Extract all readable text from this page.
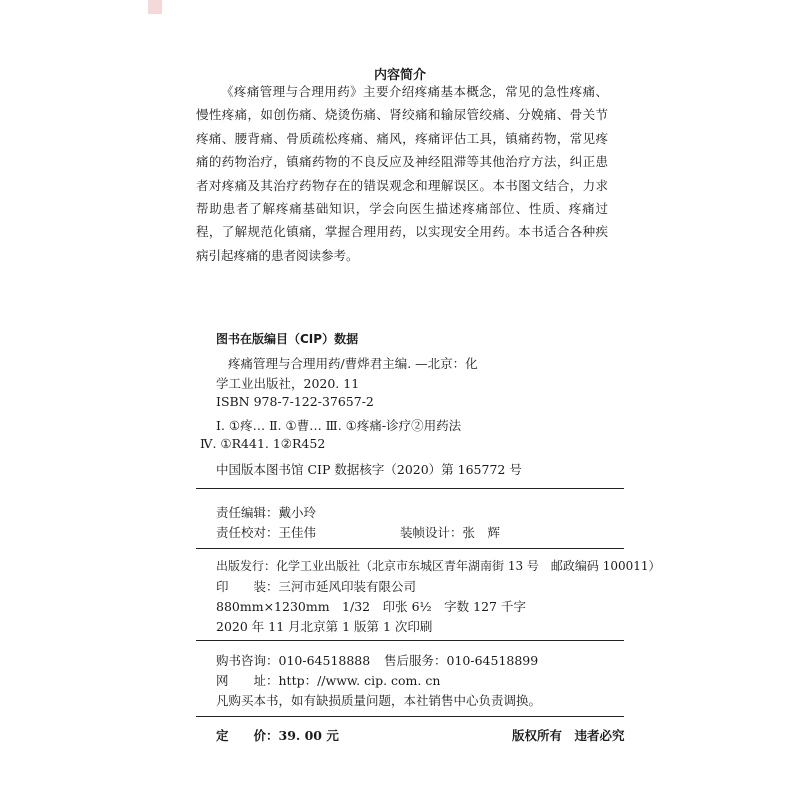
内容简介
《疼痛管理与合理用药》主要介绍疼痛基本概念，常见的急性疼痛、慢性疼痛，如创伤痛、烧烫伤痛、肾绞痛和输尿管绞痛、分娩痛、骨关节疼痛、腰背痛、骨质疏松疼痛、痛风，疼痛评估工具，镇痛药物，常见疼痛的药物治疗，镇痛药物的不良反应及神经阻滞等其他治疗方法，纠正患者对疼痛及其治疗药物存在的错误观念和理解误区。本书图文结合，力求帮助患者了解疼痛基础知识，学会向医生描述疼痛部位、性质、疼痛过程，了解规范化镇痛，掌握合理用药，以实现安全用药。本书适合各种疾病引起疼痛的患者阅读参考。
图书在版编目（CIP）数据
疼痛管理与合理用药/曹烨君主编. —北京：化
学工业出版社，2020. 11
ISBN 978-7-122-37657-2
Ⅰ. ①疼… Ⅱ. ①曹… Ⅲ. ①疼痛-诊疗②用药法
Ⅳ. ①R441. 1②R452
中国版本图书馆 CIP 数据核字（2020）第 165772 号
责任编辑：戴小玲
责任校对：王佳伟	装帧设计：张　辉
出版发行：化学工业出版社（北京市东城区青年湖南街 13 号　邮政编码 100011）
印　　装：三河市延风印装有限公司
880mm×1230mm　1/32　印张 6½　字数 127 千字
2020 年 11 月北京第 1 版第 1 次印刷
购书咨询：010-64518888 售后服务：010-64518899
网　　址：http：//www. cip. com. cn
凡购买本书，如有缺损质量问题，本社销售中心负责调换。
定　　价：39. 00 元	版权所有　违者必究
